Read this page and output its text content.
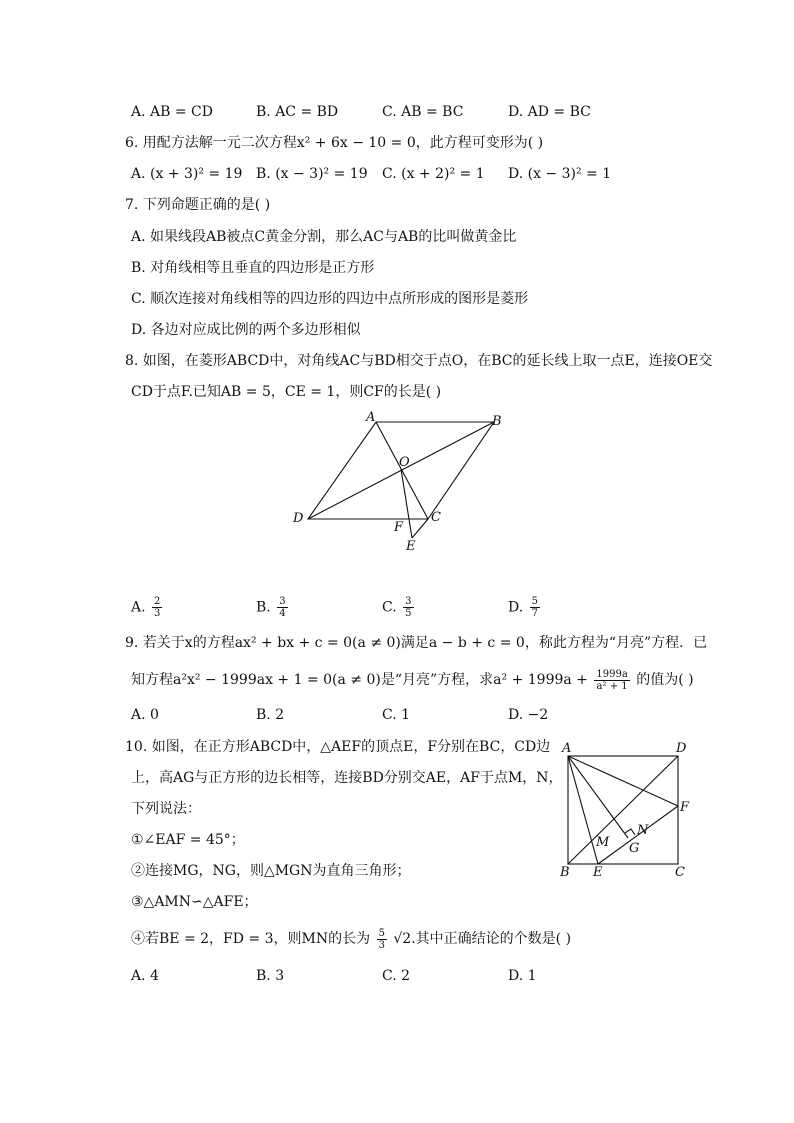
A. AB = CD	B. AC = BD	C. AB = BC	D. AD = BC
6. 用配方法解一元二次方程x² + 6x − 10 = 0，此方程可变形为( )
A. (x + 3)² = 19 B. (x − 3)² = 19 C. (x + 2)² = 1 D. (x − 3)² = 1
7. 下列命题正确的是( )
A. 如果线段AB被点C黄金分割，那么AC与AB的比叫做黄金比
B. 对角线相等且垂直的四边形是正方形
C. 顺次连接对角线相等的四边形的四边中点所形成的图形是菱形
D. 各边对应成比例的两个多边形相似
8. 如图，在菱形ABCD中，对角线AC与BD相交于点O，在BC的延长线上取一点E，连接OE交
CD于点F.已知AB = 5，CE = 1，则CF的长是( )
A	B
O
D
F
C
E
A. $\frac{2}{3}$	B. $\frac{3}{4}$	C. $\frac{3}{5}$	D. $\frac{5}{7}$
9. 若关于x的方程ax² + bx + c = 0(a ≠ 0)满足a − b + c = 0，称此方程为“月亮”方程．已
知方程a²x² − 1999ax + 1 = 0(a ≠ 0)是“月亮”方程，求$a^2 + 1999a + \frac{1999a}{\text{a² + 1}}$ 的值为( )
A. 0	B. 2	C. 1	D. −2
10. 如图，在正方形ABCD中，△AEF的顶点E，F分别在BC，CD边
上，高AG与正方形的边长相等，连接BD分别交AE，AF于点M，N，
下列说法：
①∠EAF = 45°；
②连接MG，NG，则△MGN为直角三角形；
③△AMN∽△AFE；
④若BE = 2，FD = 3，则MN的长为 $\frac{5}{3} √2$.其中正确结论的个数是( )
A	D
N
F
M G
B E	C
A. 4	B. 3	C. 2	D. 1
